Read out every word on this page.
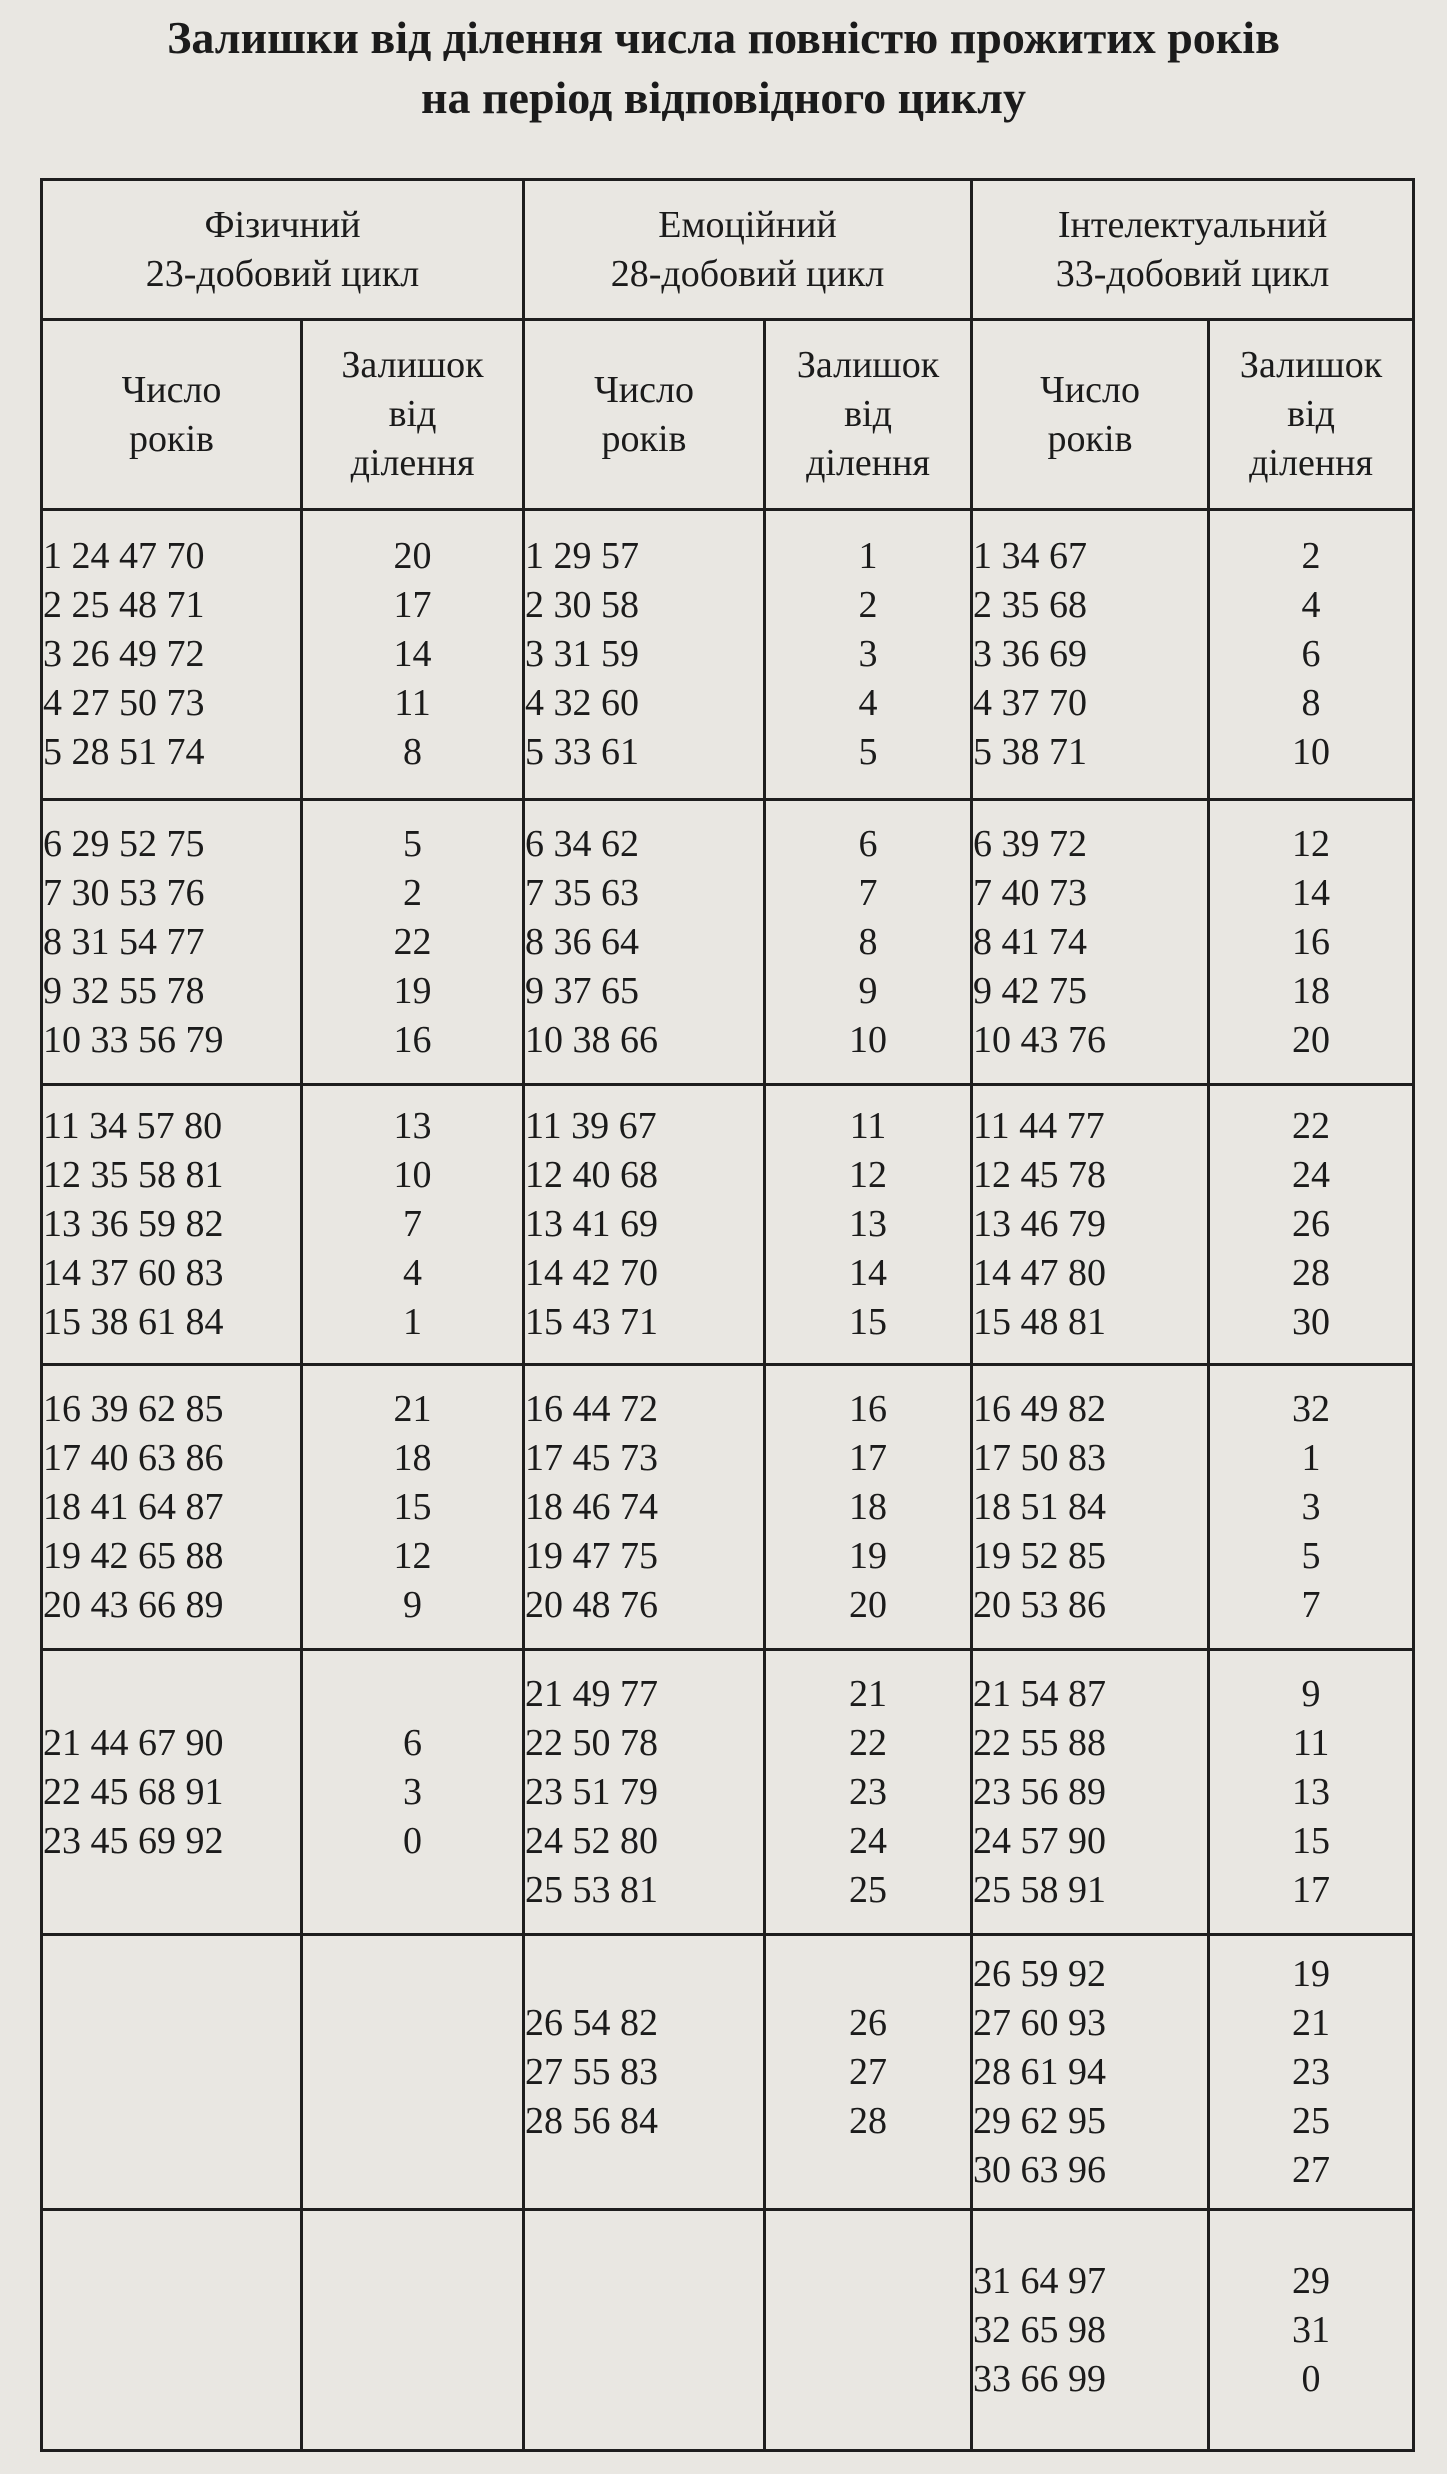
Залишки від ділення числа повністю прожитих років
на період відповідного циклу
Фізичний
23-добовий цикл		Емоційний
28-добовий цикл		Інтелектуальний
33-добовий цикл	

Число
років	Залишок
від
ділення	Число
років	Залишок
від
ділення	Число
років	Залишок
від
ділення

1 24 47 70
2 25 48 71
3 26 49 72
4 27 50 73
5 28 51 74	20
17
14
11
8	1 29 57
2 30 58
3 31 59
4 32 60
5 33 61	1
2
3
4
5	1 34 67
2 35 68
3 36 69
4 37 70
5 38 71	2
4
6
8
10

6 29 52 75
7 30 53 76
8 31 54 77
9 32 55 78
10 33 56 79	5
2
22
19
16	6 34 62
7 35 63
8 36 64
9 37 65
10 38 66	6
7
8
9
10	6 39 72
7 40 73
8 41 74
9 42 75
10 43 76	12
14
16
18
20

11 34 57 80
12 35 58 81
13 36 59 82
14 37 60 83
15 38 61 84	13
10
7
4
1	11 39 67
12 40 68
13 41 69
14 42 70
15 43 71	11
12
13
14
15	11 44 77
12 45 78
13 46 79
14 47 80
15 48 81	22
24
26
28
30

16 39 62 85
17 40 63 86
18 41 64 87
19 42 65 88
20 43 66 89	21
18
15
12
9	16 44 72
17 45 73
18 46 74
19 47 75
20 48 76	16
17
18
19
20	16 49 82
17 50 83
18 51 84
19 52 85
20 53 86	32
1
3
5
7

21 44 67 90
22 45 68 91
23 45 69 92	6
3
0	21 49 77
22 50 78
23 51 79
24 52 80
25 53 81	21
22
23
24
25	21 54 87
22 55 88
23 56 89
24 57 90
25 58 91	9
11
13
15
17

		26 54 82
27 55 83
28 56 84	26
27
28	26 59 92
27 60 93
28 61 94
29 62 95
30 63 96	19
21
23
25
27

				31 64 97
32 65 98
33 66 99	29
31
0
